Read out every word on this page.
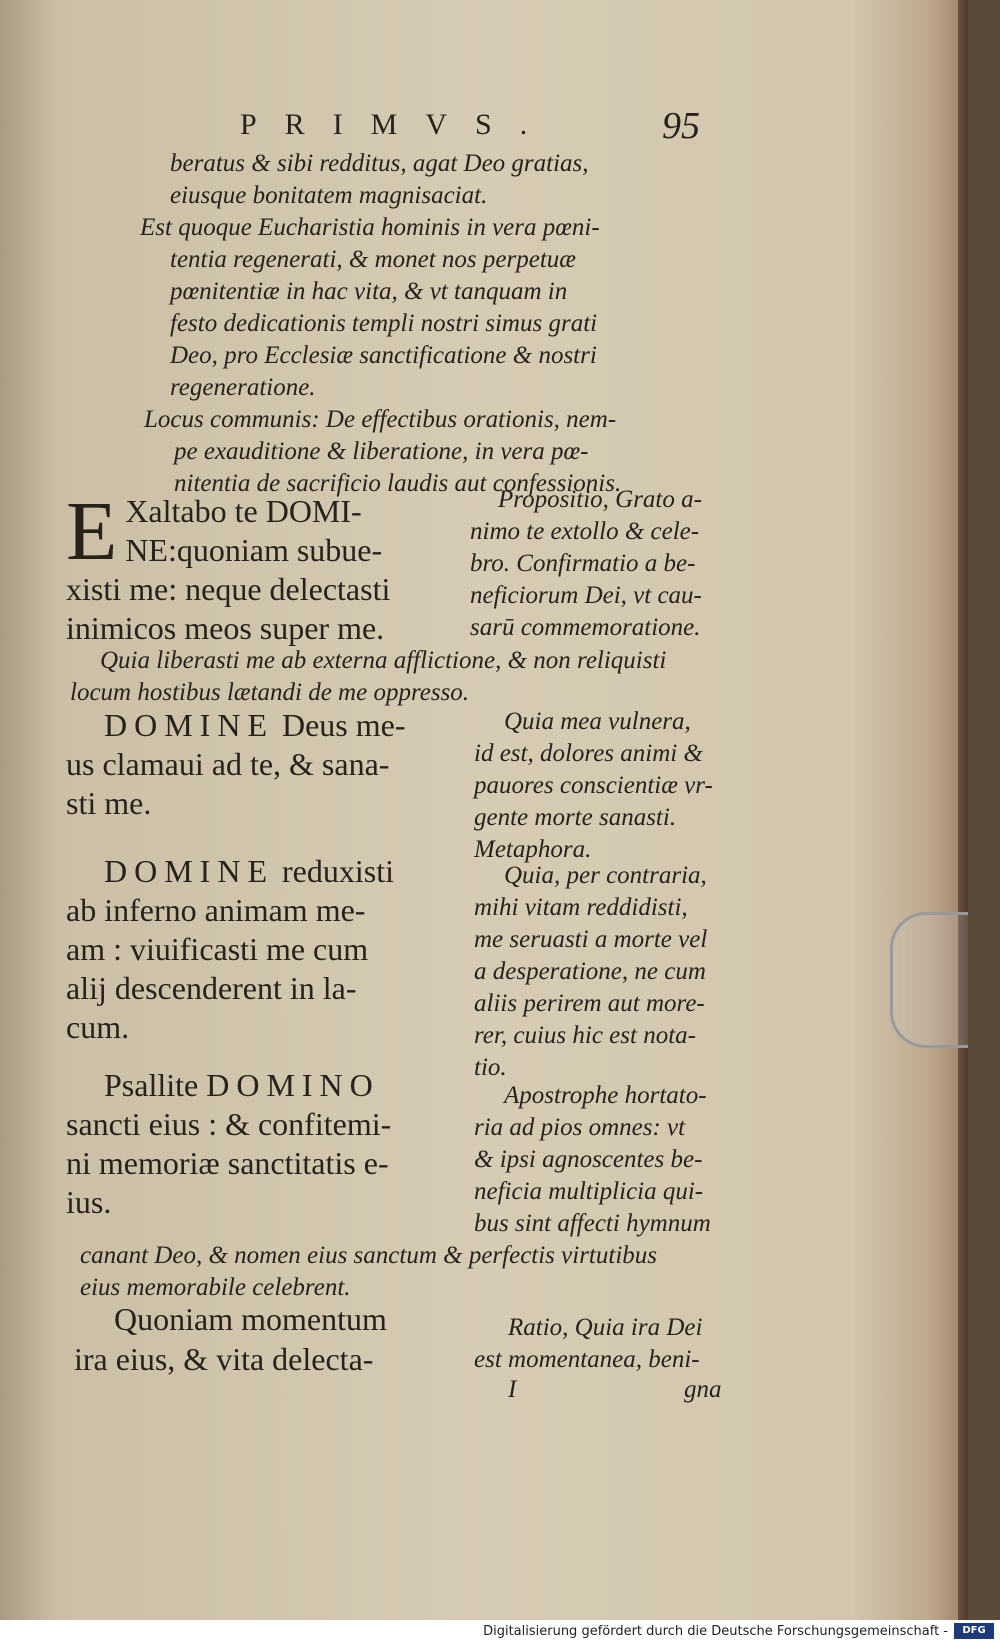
PRIMVS.	95
beratus & sibi redditus, agat Deo gratias,
eiusque bonitatem magnisaciat.
Est quoque Eucharistia hominis in vera pœni-
tentia regenerati, & monet nos perpetuæ
pœnitentiæ in hac vita, & vt tanquam in
festo dedicationis templi nostri simus grati
Deo, pro Ecclesiæ sanctificatione & nostri
regeneratione.
Locus communis: De effectibus orationis, nem-
pe exauditione & liberatione, in vera pœ-
nitentia de sacrificio laudis aut confessionis.
E Xaltabo te DOMI-
NE:quoniam subue-
xisti me: neque delectasti
inimicos meos super me.
Propositio, Grato a-
nimo te extollo & cele-
bro. Confirmatio a be-
neficiorum Dei, vt cau-
sarū commemoratione.
Quia liberasti me ab externa afflictione, & non reliquisti
locum hostibus lætandi de me oppresso.
DOMINE Deus me-
us clamaui ad te, & sana-
sti me.
Quia mea vulnera,
id est, dolores animi &
pauores conscientiæ vr-
gente morte sanasti.
Metaphora.
DOMINE reduxisti
ab inferno animam me-
am : viuificasti me cum
alij descenderent in la-
cum.
Quia, per contraria,
mihi vitam reddidisti,
me seruasti a morte vel
a desperatione, ne cum
aliis perirem aut more-
rer, cuius hic est nota-
tio.
Psallite DOMINO
sancti eius : & confitemi-
ni memoriæ sanctitatis e-
ius.
Apostrophe hortato-
ria ad pios omnes: vt
& ipsi agnoscentes be-
neficia multiplicia qui-
bus sint affecti hymnum
canant Deo, & nomen eius sanctum & perfectis virtutibus
eius memorabile celebrent.
Quoniam momentum
ira eius, & vita delecta-
Ratio, Quia ira Dei
est momentanea, beni-
I	gna
Digitalisierung gefördert durch die Deutsche Forschungsgemeinschaft -	DFG
